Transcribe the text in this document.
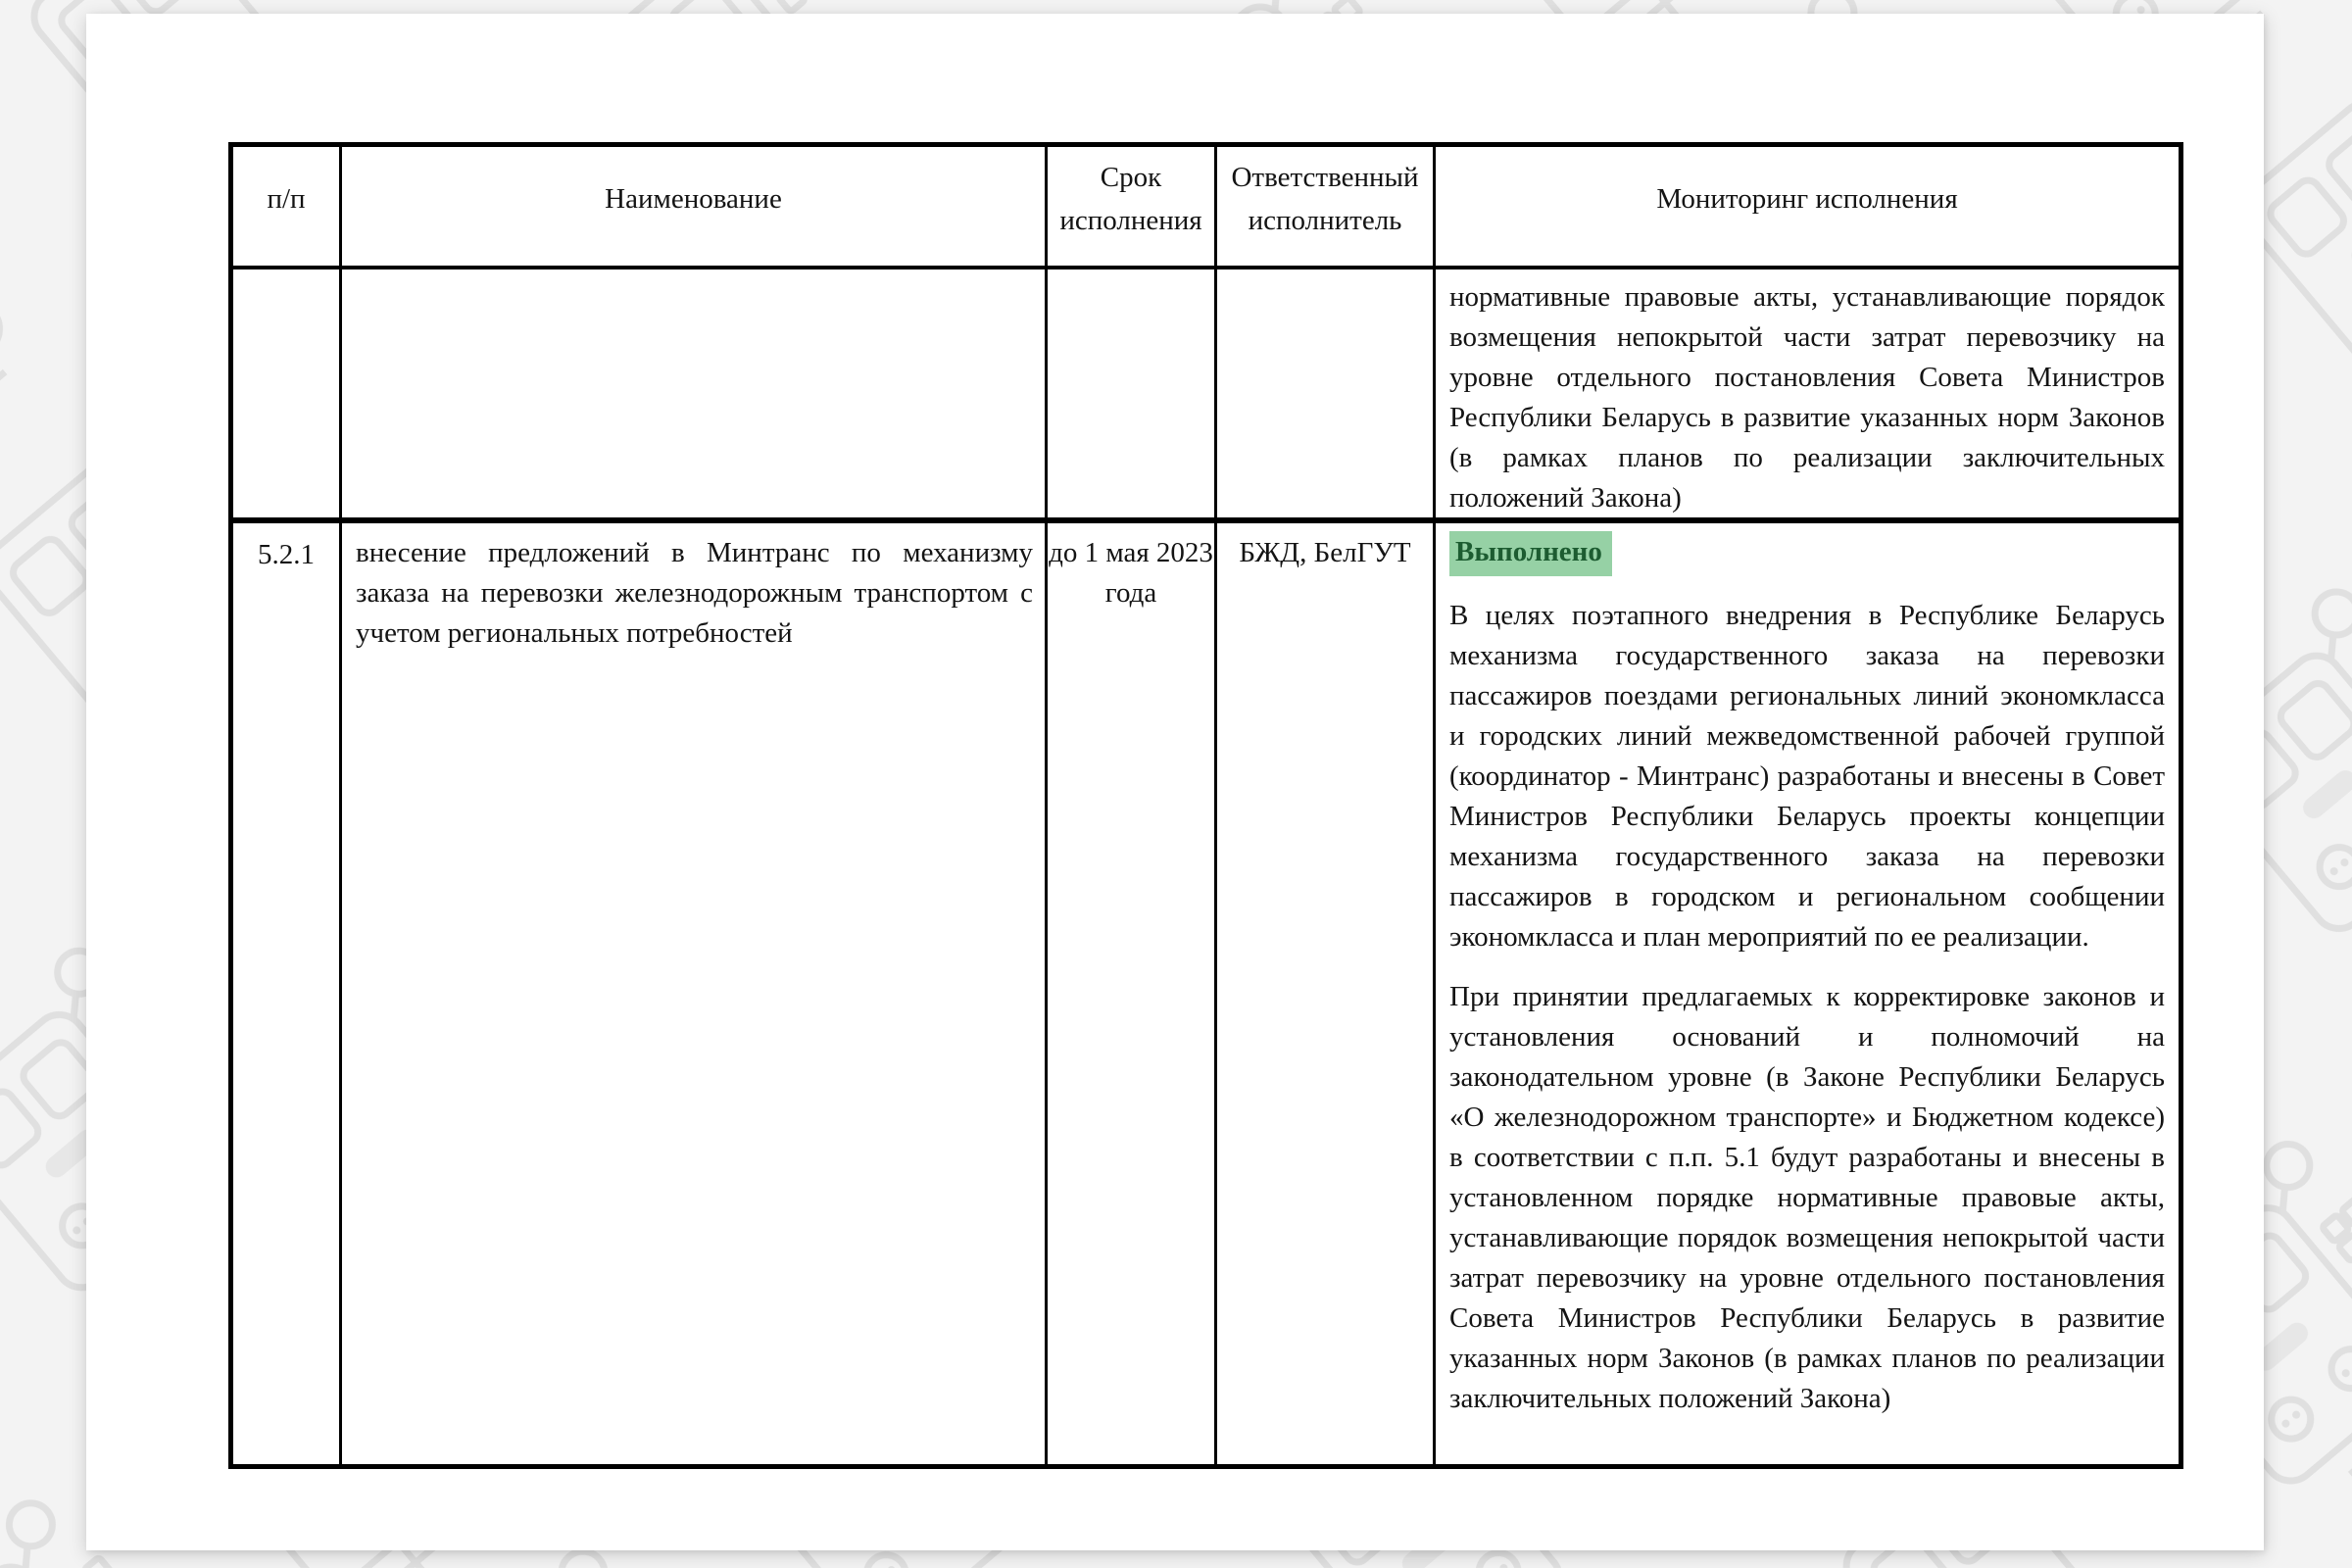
п/п	Наименование	Срок исполнения	Ответственный исполнитель	Мониторинг исполнения

				нормативные правовые акты, устанавливающие порядок возмещения непокрытой части затрат перевозчику на уровне отдельного постановления Совета Министров Республики Беларусь в развитие указанных норм Законов (в рамках планов по реализации заключительных положений Закона)

5.2.1	внесение предложений в Минтранс по механизму заказа на перевозки железнодорожным транспортом с учетом региональных потребностей	до 1 мая 2023 года	БЖД, БелГУТ	Выполнено

В целях поэтапного внедрения в Республике Беларусь механизма государственного заказа на перевозки пассажиров поездами региональных линий экономкласса и городских линий межведомственной рабочей группой (координатор - Минтранс) разработаны и внесены в Совет Министров Республики Беларусь проекты концепции механизма государственного заказа на перевозки пассажиров в городском и региональном сообщении экономкласса и план мероприятий по ее реализации.

При принятии предлагаемых к корректировке законов и установления оснований и полномочий на законодательном уровне (в Законе Республики Беларусь «О железнодорожном транспорте» и Бюджетном кодексе) в соответствии с п.п. 5.1 будут разработаны и внесены в установленном порядке нормативные правовые акты, устанавливающие порядок возмещения непокрытой части затрат перевозчику на уровне отдельного постановления Совета Министров Республики Беларусь в развитие указанных норм Законов (в рамках планов по реализации заключительных положений Закона)
